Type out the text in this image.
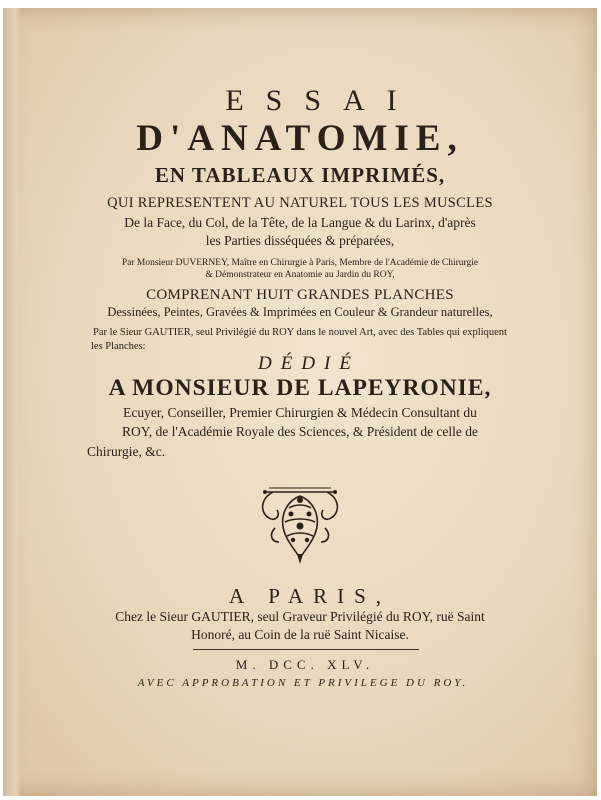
ESSAI
D'ANATOMIE,
EN TABLEAUX IMPRIMÉS,
QUI REPRESENTENT AU NATUREL TOUS LES MUSCLES
De la Face, du Col, de la Tête, de la Langue & du Larinx, d'après
les Parties disséquées & préparées,
Par Monsieur DUVERNEY, Maître en Chirurgie à Paris, Membre de l'Académie de Chirurgie
& Démonstrateur en Anatomie au Jardin du ROY,
COMPRENANT HUIT GRANDES PLANCHES
Dessinées, Peintes, Gravées & Imprimées en Couleur & Grandeur naturelles,
Par le Sieur GAUTIER, seul Privilégié du ROY dans le nouvel Art, avec des Tables qui expliquent
les Planches:
DÉDIÉ
A MONSIEUR DE LAPEYRONIE,
Ecuyer, Conseiller, Premier Chirurgien & Médecin Consultant du
ROY, de l'Académie Royale des Sciences, & Président de celle de
Chirurgie, &c.
A PARIS,
Chez le Sieur GAUTIER, seul Graveur Privilégié du ROY, ruë Saint
Honoré, au Coin de la ruë Saint Nicaise.
M. DCC. XLV.
AVEC APPROBATION ET PRIVILEGE DU ROY.
